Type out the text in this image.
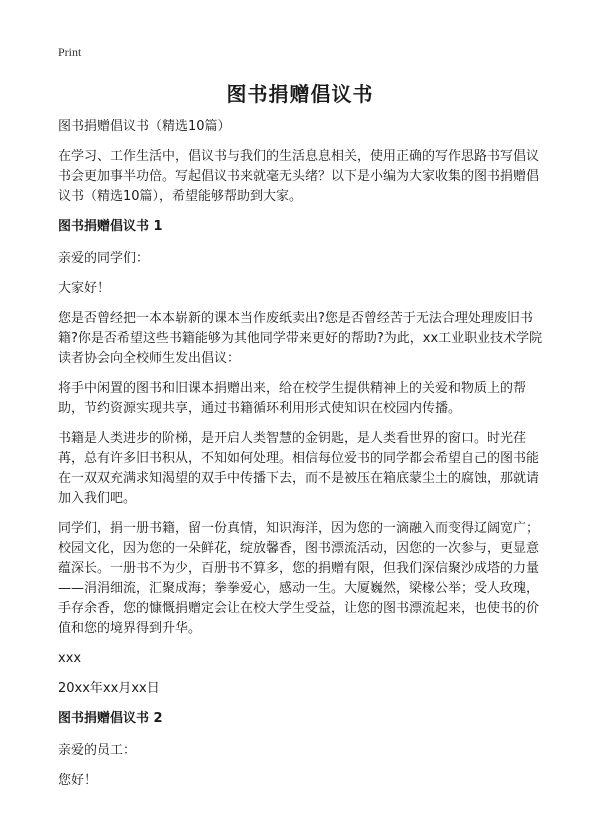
Print
图书捐赠倡议书

图书捐赠倡议书（精选10篇）

在学习、工作生活中，倡议书与我们的生活息息相关，使用正确的写作思路书写倡议书会更加事半功倍。写起倡议书来就毫无头绪？以下是小编为大家收集的图书捐赠倡议书（精选10篇），希望能够帮助到大家。

图书捐赠倡议书 1

亲爱的同学们：

大家好！

您是否曾经把一本本崭新的课本当作废纸卖出?您是否曾经苦于无法合理处理废旧书籍?你是否希望这些书籍能够为其他同学带来更好的帮助?为此，xx工业职业技术学院读者协会向全校师生发出倡议：

将手中闲置的图书和旧课本捐赠出来，给在校学生提供精神上的关爱和物质上的帮助，节约资源实现共享，通过书籍循环利用形式使知识在校园内传播。

书籍是人类进步的阶梯，是开启人类智慧的金钥匙，是人类看世界的窗口。时光荏苒，总有许多旧书积从，不知如何处理。相信每位爱书的同学都会希望自己的图书能在一双双充满求知渴望的双手中传播下去，而不是被压在箱底蒙尘土的腐蚀，那就请加入我们吧。

同学们，捐一册书籍，留一份真情，知识海洋，因为您的一滴融入而变得辽阔宽广；校园文化，因为您的一朵鲜花，绽放馨香，图书漂流活动，因您的一次参与，更显意蕴深长。一册书不为少，百册书不算多，您的捐赠有限，但我们深信聚沙成塔的力量——涓涓细流，汇聚成海；拳拳爱心，感动一生。大厦巍然，梁椽公举；受人玫瑰，手存余香，您的慷慨捐赠定会让在校大学生受益，让您的图书漂流起来，也使书的价值和您的境界得到升华。

xxx

20xx年xx月xx日

图书捐赠倡议书 2

亲爱的员工：

您好！
